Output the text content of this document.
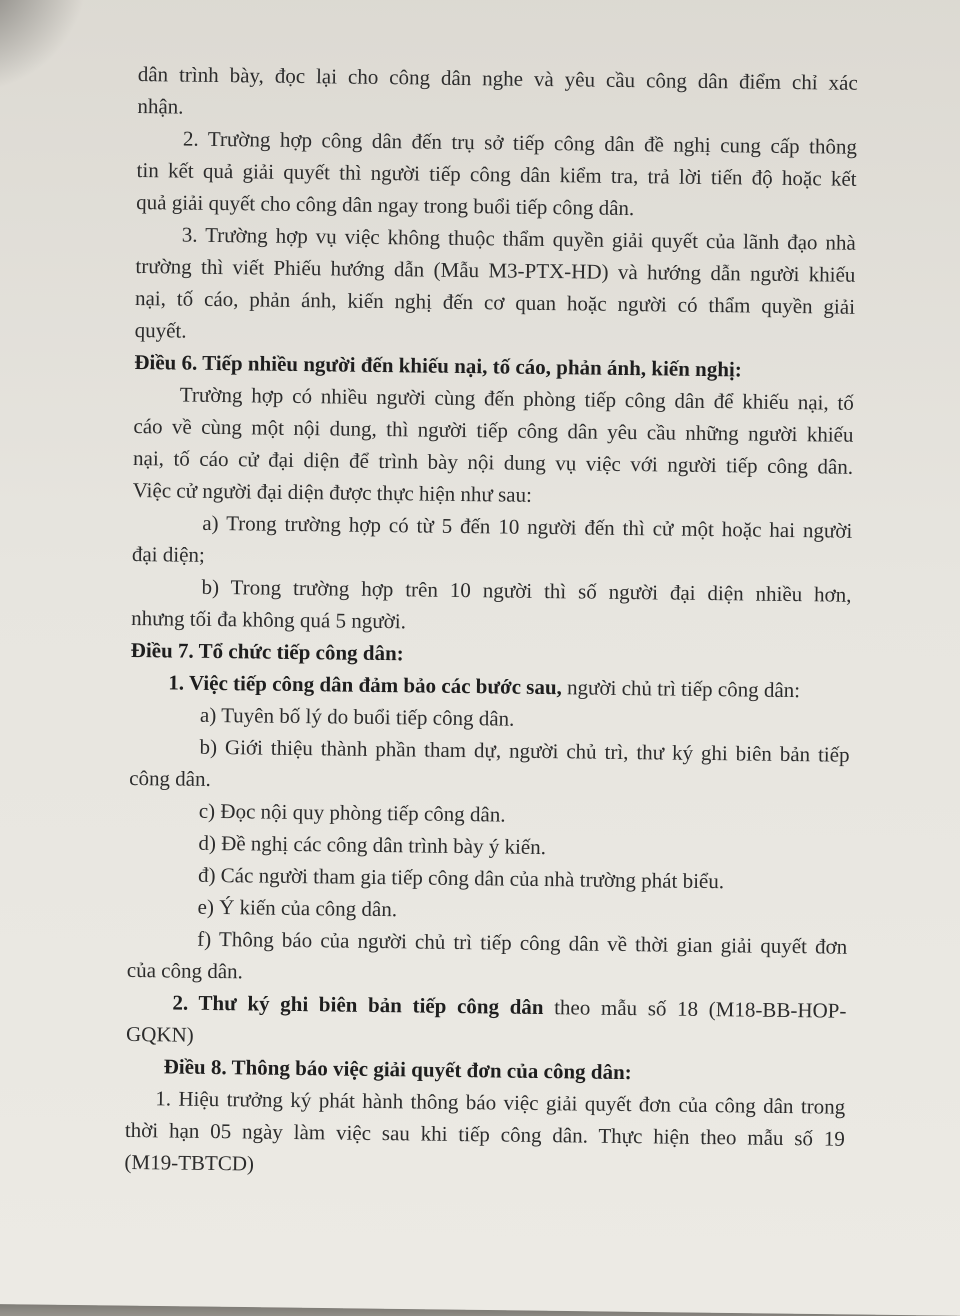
dân trình bày, đọc lại cho công dân nghe và yêu cầu công dân điểm chỉ xác
nhận.
2. Trường hợp công dân đến trụ sở tiếp công dân đề nghị cung cấp thông
tin kết quả giải quyết thì người tiếp công dân kiểm tra, trả lời tiến độ hoặc kết
quả giải quyết cho công dân ngay trong buổi tiếp công dân.
3. Trường hợp vụ việc không thuộc thẩm quyền giải quyết của lãnh đạo nhà
trường thì viết Phiếu hướng dẫn (Mẫu M3-PTX-HD) và hướng dẫn người khiếu
nại, tố cáo, phản ánh, kiến nghị đến cơ quan hoặc người có thẩm quyền giải
quyết.
Điều 6. Tiếp nhiều người đến khiếu nại, tố cáo, phản ánh, kiến nghị:
Trường hợp có nhiều người cùng đến phòng tiếp công dân để khiếu nại, tố
cáo về cùng một nội dung, thì người tiếp công dân yêu cầu những người khiếu
nại, tố cáo cử đại diện để trình bày nội dung vụ việc với người tiếp công dân.
Việc cử người đại diện được thực hiện như sau:
a) Trong trường hợp có từ 5 đến 10 người đến thì cử một hoặc hai người
đại diện;
b) Trong trường hợp trên 10 người thì số người đại diện nhiều hơn,
nhưng tối đa không quá 5 người.
Điều 7. Tổ chức tiếp công dân:
1. Việc tiếp công dân đảm bảo các bước sau, người chủ trì tiếp công dân:
a) Tuyên bố lý do buổi tiếp công dân.
b) Giới thiệu thành phần tham dự, người chủ trì, thư ký ghi biên bản tiếp
công dân.
c) Đọc nội quy phòng tiếp công dân.
d) Đề nghị các công dân trình bày ý kiến.
đ) Các người tham gia tiếp công dân của nhà trường phát biểu.
e) Ý kiến của công dân.
f) Thông báo của người chủ trì tiếp công dân về thời gian giải quyết đơn
của công dân.
2. Thư ký ghi biên bản tiếp công dân theo mẫu số 18 (M18-BB-HOP-
GQKN)
Điều 8. Thông báo việc giải quyết đơn của công dân:
1. Hiệu trưởng ký phát hành thông báo việc giải quyết đơn của công dân trong
thời hạn 05 ngày làm việc sau khi tiếp công dân. Thực hiện theo mẫu số 19
(M19-TBTCD)
